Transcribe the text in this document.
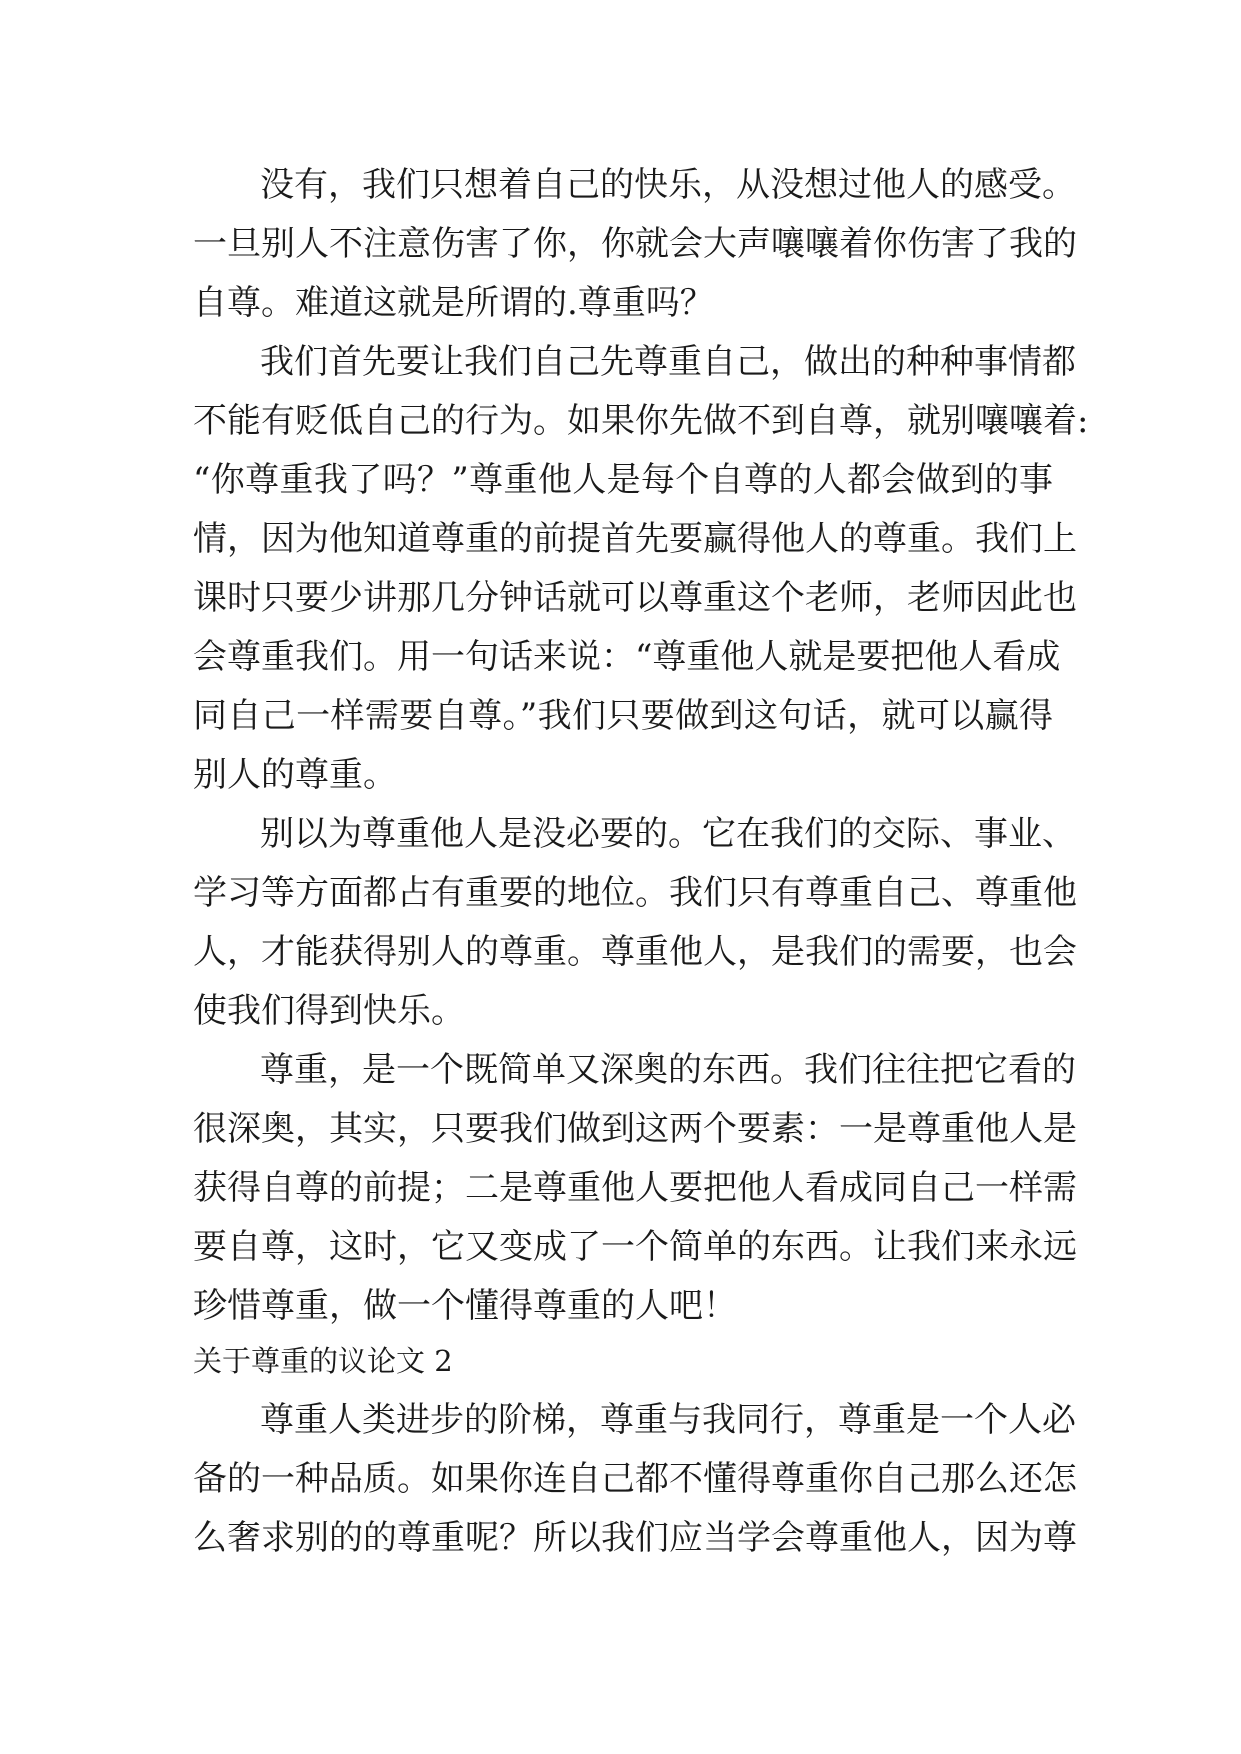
没有，我们只想着自己的快乐，从没想过他人的感受。

一旦别人不注意伤害了你，你就会大声嚷嚷着你伤害了我的

自尊。难道这就是所谓的.尊重吗？

我们首先要让我们自己先尊重自己，做出的种种事情都

不能有贬低自己的行为。如果你先做不到自尊，就别嚷嚷着:

“你尊重我了吗？”尊重他人是每个自尊的人都会做到的事

情，因为他知道尊重的前提首先要赢得他人的尊重。我们上

课时只要少讲那几分钟话就可以尊重这个老师，老师因此也

会尊重我们。用一句话来说：“尊重他人就是要把他人看成

同自己一样需要自尊。”我们只要做到这句话，就可以赢得

别人的尊重。

别以为尊重他人是没必要的。它在我们的交际、事业、

学习等方面都占有重要的地位。我们只有尊重自己、尊重他

人，才能获得别人的尊重。尊重他人，是我们的需要，也会

使我们得到快乐。

尊重，是一个既简单又深奥的东西。我们往往把它看的

很深奥，其实，只要我们做到这两个要素：一是尊重他人是

获得自尊的前提；二是尊重他人要把他人看成同自己一样需

要自尊，这时，它又变成了一个简单的东西。让我们来永远

珍惜尊重，做一个懂得尊重的人吧！

关于尊重的议论文 2

尊重人类进步的阶梯，尊重与我同行，尊重是一个人必

备的一种品质。如果你连自己都不懂得尊重你自己那么还怎

么奢求别的的尊重呢？所以我们应当学会尊重他人，因为尊
